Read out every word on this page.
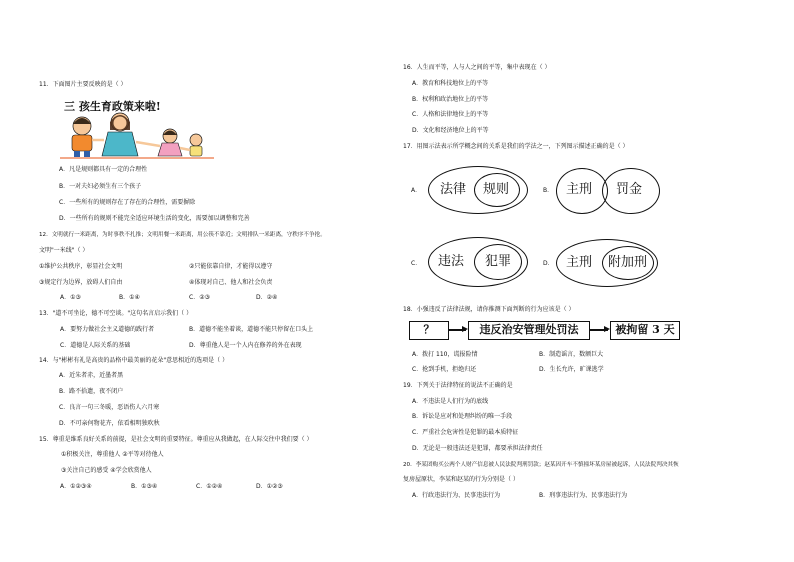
11．下面图片主要反映的是（ ）
三 孩生育政策来啦!
A．凡是规则都具有一定的合理性
B．一对夫妇必须生有三个孩子
C．一些所有的规则存在了存在的合理性，需要摒除
D．一些所有的规则不能完全适应环境生活的变化，需要加以调整和完善
12．文明就行一米距离，为时事秩不扎推；文明用餐一米距离，用公筷不靠近；文明排队一米距离，守秩序不争抢。
文明"一米线"（ ）
①维护公共秩序，彰显社会文明	②只能依靠自律，才能得以遵守
③规定行为边界，放碍人们自由	④体现对自己、他人和社会负责
A．①③	B．①④	C．②③	D．②④
13．"道不可坐论，德不可空谈。"这句名言启示我们（ ）
A．要努力做社会主义道德的践行者	B．道德不能坐着谈，道德不能只停留在口头上
C．道德是人际关系的基础	D．尊重他人是一个人内在修养的外在表现
14．与"彬彬有礼是高贵的品格中最美丽的花朵"意思相近的选项是（ ）
A．近朱者赤，近墨者黑
B．路不拾遗，夜不闭户
C．良言一句三冬暖，恶语伤人六月寒
D．不可亲何物花卉，依看相明独吹秋
15．尊重是维系良好关系的前提，是社会文明的重要特征。尊重应从我做起，在人际交往中我们要（ ）
①积极关注，尊重他人 ②平等对待他人
③关注自己的感受 ④学会欣赏他人
A．①②③④	B．①③④	C．①②④	D．①②③
16．人生而平等，人与人之间的平等，集中表现在（ ）
A．教育和科技地位上的平等
B．权利和政治地位上的平等
C．人格和法律地位上的平等
D．文化和经济地位上的平等
17．用图示法表示所学概念间的关系是我们的学法之一，下列图示描述正确的是（ ）
A． 法律 规则	B． 主刑 罚金
C． 违法 犯罪	D． 主刑 附加刑
18．小强违反了法律法规，请你推测下面判断的行为应该是（ ）
？	违反治安管理处罚法	被拘留 3 天
A．拨打 110，谎报险情	B．制造谣言，数额巨大
C．抢到手机，拒绝归还	D．生长允许，旷课逃学
19．下列关于法律特征的说法不正确的是
A．不违法是人们行为的底线
B．诉讼是应对和处理纠纷的唯一手段
C．严重社会危害性是犯罪的最本质特征
D．无论是一般违法还是犯罪，都要承担法律责任
20．李某团购买公两个人财产信息被人民法院判刑罚款；赵某因开车不慎撞坏某房屋被起诉，人民法院判决其恢
复房屋原状，李某和赵某的行为分别是（ ）
A．行政违法行为、民事违法行为	B．刑事违法行为、民事违法行为
